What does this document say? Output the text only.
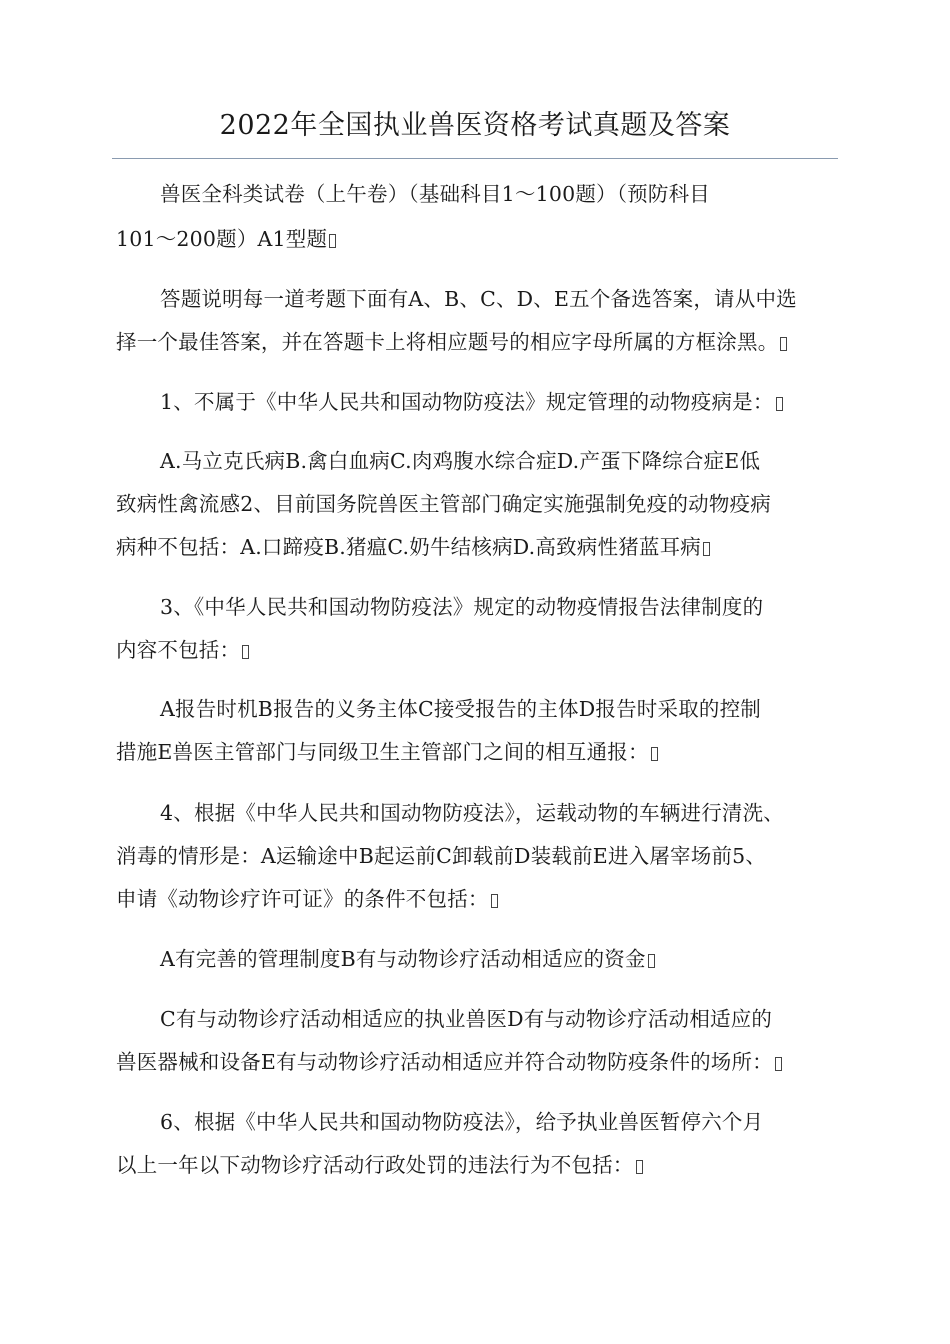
2022年全国执业兽医资格考试真题及答案
兽医全科类试卷（上午卷）（基础科目1～100题）（预防科目
101～200题）A1型题
答题说明每一道考题下面有A、B、C、D、E五个备选答案，请从中选
择一个最佳答案，并在答题卡上将相应题号的相应字母所属的方框涂黑。
1、不属于《中华人民共和国动物防疫法》规定管理的动物疫病是：
A.马立克氏病B.禽白血病C.肉鸡腹水综合症D.产蛋下降综合症E低
致病性禽流感2、目前国务院兽医主管部门确定实施强制免疫的动物疫病
病种不包括：A.口蹄疫B.猪瘟C.奶牛结核病D.高致病性猪蓝耳病
3、《中华人民共和国动物防疫法》规定的动物疫情报告法律制度的
内容不包括：
A报告时机B报告的义务主体C接受报告的主体D报告时采取的控制
措施E兽医主管部门与同级卫生主管部门之间的相互通报：
4、根据《中华人民共和国动物防疫法》，运载动物的车辆进行清洗、
消毒的情形是：A运输途中B起运前C卸载前D装载前E进入屠宰场前5、
申请《动物诊疗许可证》的条件不包括：
A有完善的管理制度B有与动物诊疗活动相适应的资金
C有与动物诊疗活动相适应的执业兽医D有与动物诊疗活动相适应的
兽医器械和设备E有与动物诊疗活动相适应并符合动物防疫条件的场所：
6、根据《中华人民共和国动物防疫法》，给予执业兽医暂停六个月
以上一年以下动物诊疗活动行政处罚的违法行为不包括：
